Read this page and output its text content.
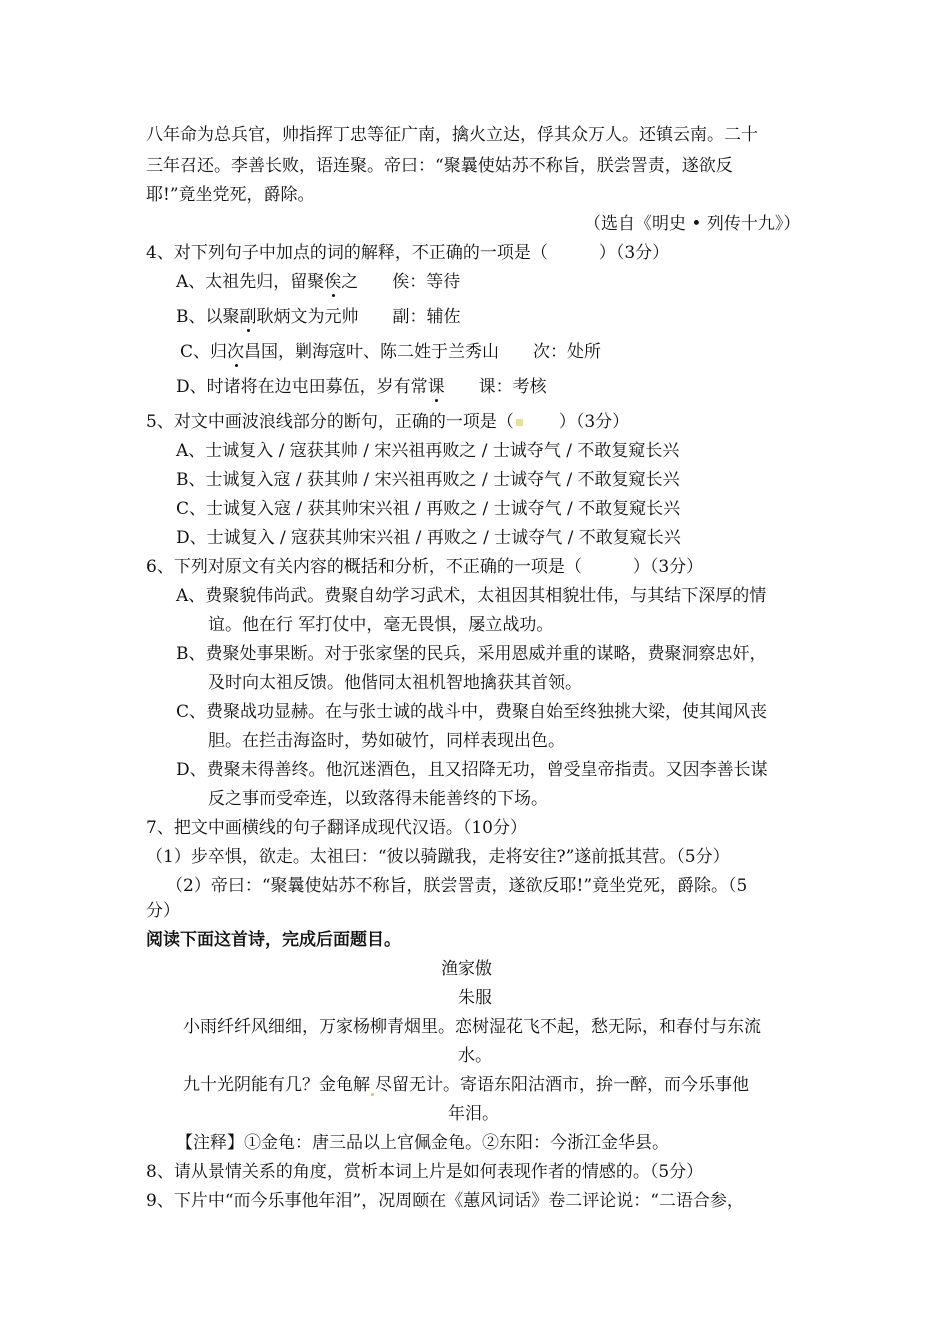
八年命为总兵官，帅指挥丁忠等征广南，擒火立达，俘其众万人。还镇云南。二十
三年召还。李善长败，语连聚。帝曰：“聚曩使姑苏不称旨，朕尝詈责，遂欲反
耶!”竟坐党死，爵除。
（选自《明史 • 列传十九》）
4、对下列句子中加点的词的解释，不正确的一项是（　　　）（3分）
A、太祖先归，留聚俟之　　俟：等待
B、以聚副耿炳文为元帅　　副：辅佐
C、归次昌国，剿海寇叶、陈二姓于兰秀山　　次：处所
D、时诸将在边屯田募伍，岁有常课　　课：考核
5、对文中画波浪线部分的断句，正确的一项是（　　）（3分）
A、士诚复入 / 寇获其帅 / 宋兴祖再败之 / 士诚夺气 / 不敢复窥长兴
B、士诚复入寇 / 获其帅 / 宋兴祖再败之 / 士诚夺气 / 不敢复窥长兴
C、士诚复入寇 / 获其帅宋兴祖 / 再败之 / 士诚夺气 / 不敢复窥长兴
D、士诚复入 / 寇获其帅宋兴祖 / 再败之 / 士诚夺气 / 不敢复窥长兴
6、下列对原文有关内容的概括和分析，不正确的一项是（　　　）（3分）
A、费聚貌伟尚武。费聚自幼学习武术，太祖因其相貌壮伟，与其结下深厚的情
谊。他在行 军打仗中，毫无畏惧，屡立战功。
B、费聚处事果断。对于张家堡的民兵，采用恩威并重的谋略，费聚洞察忠奸，
及时向太祖反馈。他偕同太祖机智地擒获其首领。
C、费聚战功显赫。在与张士诚的战斗中，费聚自始至终独挑大梁，使其闻风丧
胆。在拦击海盗时，势如破竹，同样表现出色。
D、费聚未得善终。他沉迷酒色，且又招降无功，曾受皇帝指责。又因李善长谋
反之事而受牵连，以致落得未能善终的下场。
7、把文中画横线的句子翻译成现代汉语。（10分）
（1）步卒惧，欲走。太祖曰：“彼以骑蹴我，走将安往?”遂前抵其营。（5分）
（2）帝曰：“聚曩使姑苏不称旨，朕尝詈责，遂欲反耶!”竟坐党死，爵除。（5
分）
阅读下面这首诗，完成后面题目。
渔家傲
朱服
小雨纤纤风细细，万家杨柳青烟里。恋树湿花飞不起，愁无际，和春付与东流
水。
九十光阴能有几？金龟解 尽留无计。寄语东阳沽酒市，拚一醉，而今乐事他
年泪。
【注释】①金龟：唐三品以上官佩金龟。②东阳：今浙江金华县。
8、请从景情关系的角度，赏析本词上片是如何表现作者的情感的。（5分）
9、下片中“而今乐事他年泪”，况周颐在《蕙风词话》卷二评论说：“二语合参，
